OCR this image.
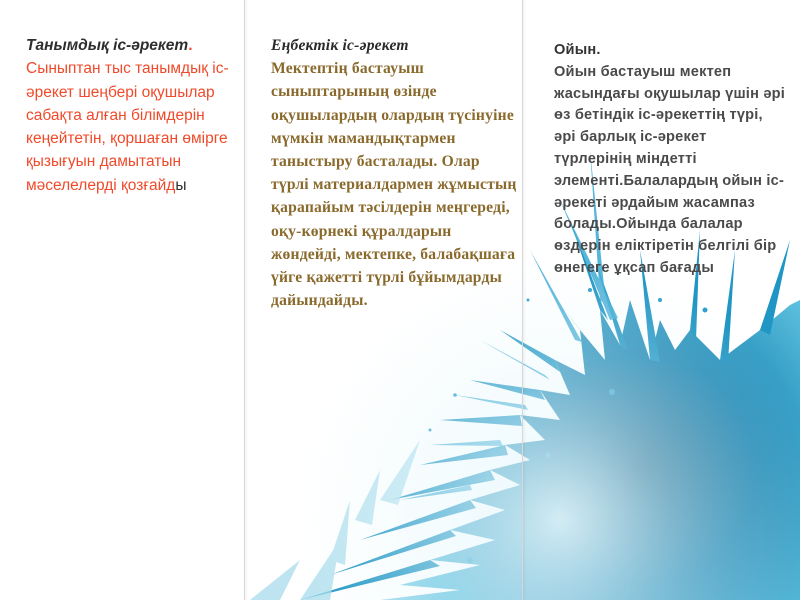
Танымдық іс-әрекет.
Сыныптан тыс танымдық іс-әрекет шеңбері оқушылар сабақта алған білімдерін кеңейтетін, қоршаған өмірге қызығуын дамытатын мәселелерді қозғайды
Еңбектік іс-әрекет
Мектептің бастауыш сыныптарының өзінде оқушылардың олардың түсінуіне мүмкін мамандықтармен таныстыру басталады. Олар түрлі материалдармен жұмыстың қарапайым тәсілдерін меңгереді, оқу-көрнекі құралдарын жөндейді, мектепке, балабақшаға үйге қажетті түрлі бұйымдарды дайындайды.
Ойын.
Ойын бастауыш мектеп жасындағы оқушылар үшін әрі өз бетіндік іс-әрекеттің түрі, әрі барлық іс-әрекет түрлерінің міндетті элементі.Балалардың ойын іс-әрекеті әрдайым жасампаз болады.Ойында балалар өздерін еліктіретін белгілі бір өнегеге ұқсап бағады
